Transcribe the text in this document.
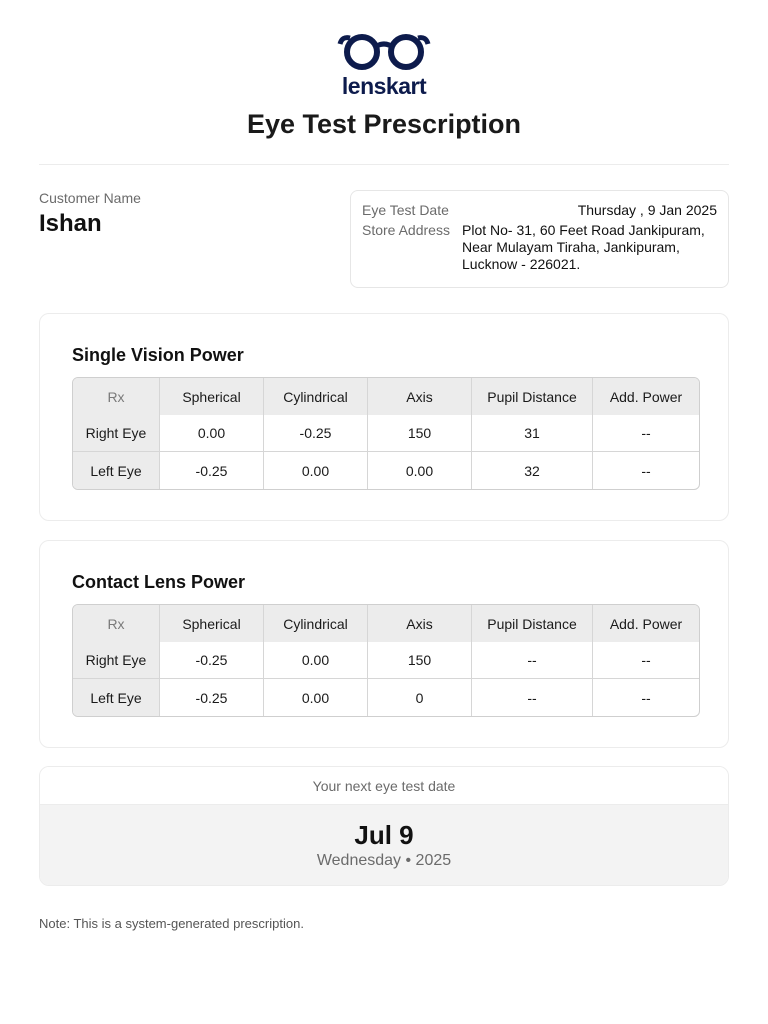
lenskart
Eye Test Prescription
Customer Name
Ishan	Eye Test Date	Thursday , 9 Jan 2025
Store Address Plot No- 31, 60 Feet Road Jankipuram, Near Mulayam Tiraha, Jankipuram, Lucknow - 226021.
Single Vision Power
Rx	Spherical	Cylindrical	Axis	Pupil Distance	Add. Power
Right Eye	0.00	-0.25	150	31	--
Left Eye	-0.25	0.00	0.00	32	--
Contact Lens Power
Rx	Spherical	Cylindrical	Axis	Pupil Distance	Add. Power
Right Eye	-0.25	0.00	150	--	--
Left Eye	-0.25	0.00	0	--	--
Your next eye test date
Jul 9
Wednesday • 2025
Note: This is a system-generated prescription.
